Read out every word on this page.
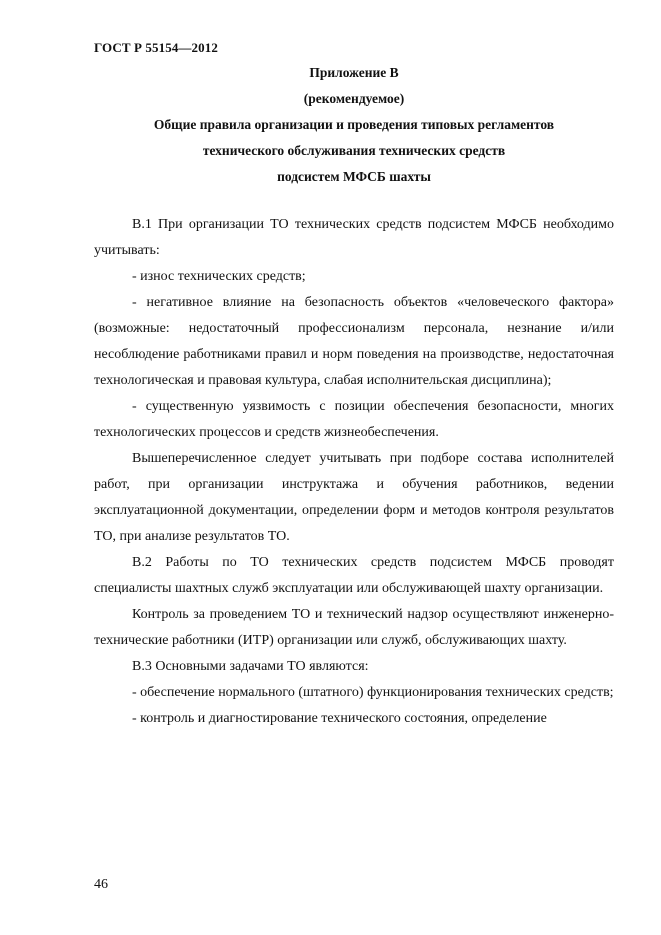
ГОСТ Р 55154—2012
Приложение В
(рекомендуемое)
Общие правила организации и проведения типовых регламентов
технического обслуживания технических средств
подсистем МФСБ шахты

В.1 При организации ТО технических средств подсистем МФСБ необходимо учитывать:

- износ технических средств;

- негативное влияние на безопасность объектов «человеческого фактора» (возможные: недостаточный профессионализм персонала, незнание и/или несоблюдение работниками правил и норм поведения на производстве, недостаточная технологическая и правовая культура, слабая исполнительская дисциплина);

- существенную уязвимость с позиции обеспечения безопасности, многих технологических процессов и средств жизнеобеспечения.

Вышеперечисленное следует учитывать при подборе состава исполнителей работ, при организации инструктажа и обучения работников, ведении эксплуатационной документации, определении форм и методов контроля результатов ТО, при анализе результатов ТО.

В.2 Работы по ТО технических средств подсистем МФСБ проводят специалисты шахтных служб эксплуатации или обслуживающей шахту организации.

Контроль за проведением ТО и технический надзор осуществляют инженерно-технические работники (ИТР) организации или служб, обслуживающих шахту.

В.3 Основными задачами ТО являются:

- обеспечение нормального (штатного) функционирования технических средств;

- контроль и диагностирование технического состояния, определение

46
